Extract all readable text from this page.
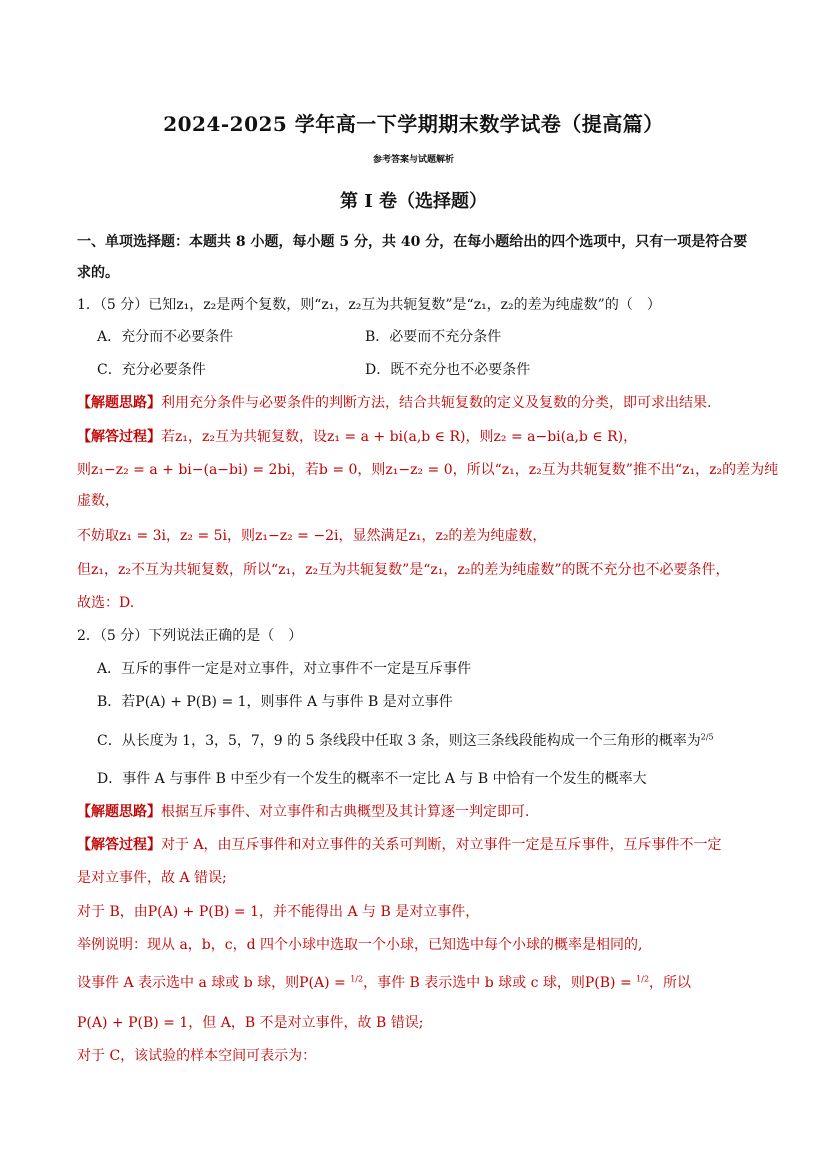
2024-2025 学年高一下学期期末数学试卷（提高篇）
参考答案与试题解析
第 I 卷（选择题）
一、单项选择题：本题共 8 小题，每小题 5 分，共 40 分，在每小题给出的四个选项中，只有一项是符合要
求的。
1．（5 分）已知z₁，z₂是两个复数，则“z₁，z₂互为共轭复数”是“z₁，z₂的差为纯虚数”的（　）
A．充分而不必要条件	B．必要而不充分条件
C．充分必要条件	D．既不充分也不必要条件
【解题思路】利用充分条件与必要条件的判断方法，结合共轭复数的定义及复数的分类，即可求出结果.
【解答过程】若z₁，z₂互为共轭复数，设z₁ = a + bi(a,b ∈ R)，则z₂ = a−bi(a,b ∈ R)，
则z₁−z₂ = a + bi−(a−bi) = 2bi，若b = 0，则z₁−z₂ = 0，所以“z₁，z₂互为共轭复数”推不出“z₁，z₂的差为纯
虚数，
不妨取z₁ = 3i，z₂ = 5i，则z₁−z₂ = −2i，显然满足z₁，z₂的差为纯虚数，
但z₁，z₂不互为共轭复数，所以“z₁，z₂互为共轭复数”是“z₁，z₂的差为纯虚数”的既不充分也不必要条件，
故选：D.
2．（5 分）下列说法正确的是（　）
A．互斥的事件一定是对立事件，对立事件不一定是互斥事件
B．若P(A) + P(B) = 1，则事件 A 与事件 B 是对立事件
C．从长度为 1，3，5，7，9 的 5 条线段中任取 3 条，则这三条线段能构成一个三角形的概率为$^{2/5}$
D．事件 A 与事件 B 中至少有一个发生的概率不一定比 A 与 B 中恰有一个发生的概率大
【解题思路】根据互斥事件、对立事件和古典概型及其计算逐一判定即可．
【解答过程】对于 A，由互斥事件和对立事件的关系可判断，对立事件一定是互斥事件，互斥事件不一定
是对立事件，故 A 错误;
对于 B，由P(A) + P(B) = 1，并不能得出 A 与 B 是对立事件，
举例说明：现从 a，b，c，d 四个小球中选取一个小球，已知选中每个小球的概率是相同的,
设事件 A 表示选中 a 球或 b 球，则P(A) = $^{1/2}$，事件 B 表示选中 b 球或 c 球，则P(B) = $^{1/2}$，所以
P(A) + P(B) = 1，但 A，B 不是对立事件，故 B 错误;
对于 C，该试验的样本空间可表示为：
